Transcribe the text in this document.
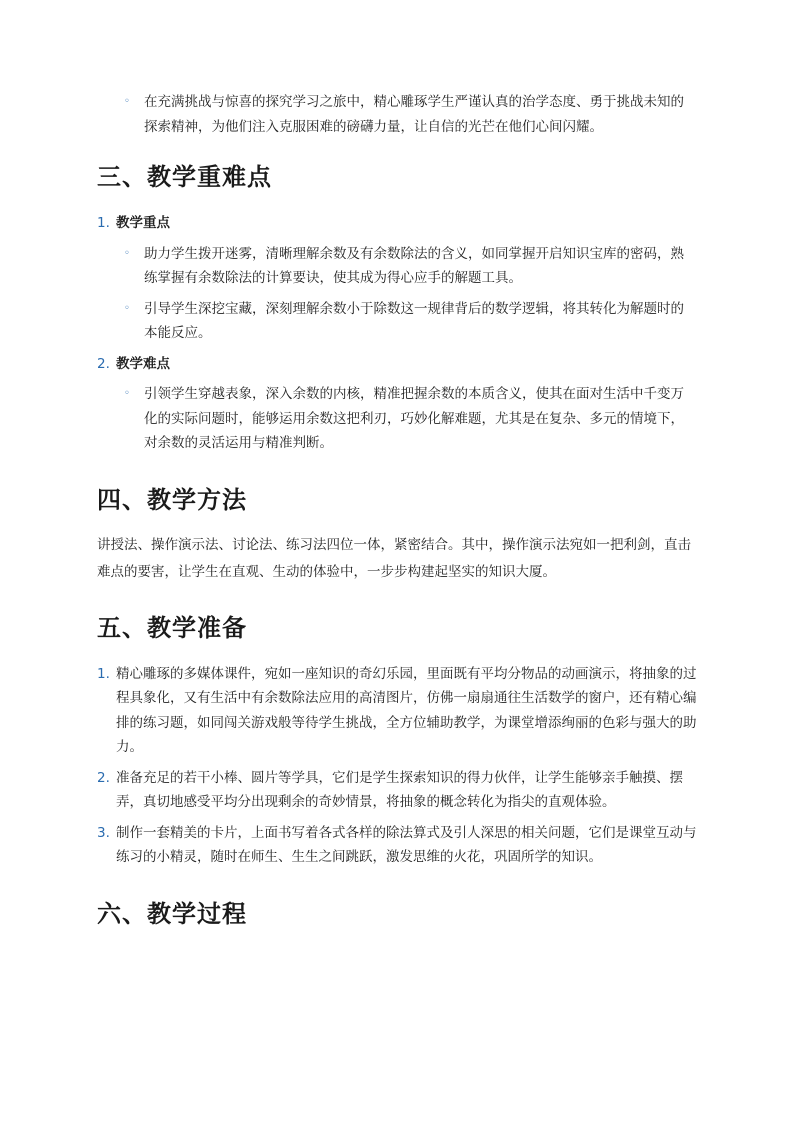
◦ 在充满挑战与惊喜的探究学习之旅中，精心雕琢学生严谨认真的治学态度、勇于挑战未知的探索精神，为他们注入克服困难的磅礴力量，让自信的光芒在他们心间闪耀。
三、教学重难点
1. 教学重点
◦ 助力学生拨开迷雾，清晰理解余数及有余数除法的含义，如同掌握开启知识宝库的密码，熟练掌握有余数除法的计算要诀，使其成为得心应手的解题工具。
◦ 引导学生深挖宝藏，深刻理解余数小于除数这一规律背后的数学逻辑，将其转化为解题时的本能反应。
2. 教学难点
◦ 引领学生穿越表象，深入余数的内核，精准把握余数的本质含义，使其在面对生活中千变万化的实际问题时，能够运用余数这把利刃，巧妙化解难题，尤其是在复杂、多元的情境下，对余数的灵活运用与精准判断。
四、教学方法
讲授法、操作演示法、讨论法、练习法四位一体，紧密结合。其中，操作演示法宛如一把利剑，直击难点的要害，让学生在直观、生动的体验中，一步步构建起坚实的知识大厦。
五、教学准备
1. 精心雕琢的多媒体课件，宛如一座知识的奇幻乐园，里面既有平均分物品的动画演示，将抽象的过程具象化，又有生活中有余数除法应用的高清图片，仿佛一扇扇通往生活数学的窗户，还有精心编排的练习题，如同闯关游戏般等待学生挑战，全方位辅助教学，为课堂增添绚丽的色彩与强大的助力。
2. 准备充足的若干小棒、圆片等学具，它们是学生探索知识的得力伙伴，让学生能够亲手触摸、摆弄，真切地感受平均分出现剩余的奇妙情景，将抽象的概念转化为指尖的直观体验。
3. 制作一套精美的卡片，上面书写着各式各样的除法算式及引人深思的相关问题，它们是课堂互动与练习的小精灵，随时在师生、生生之间跳跃，激发思维的火花，巩固所学的知识。
六、教学过程
